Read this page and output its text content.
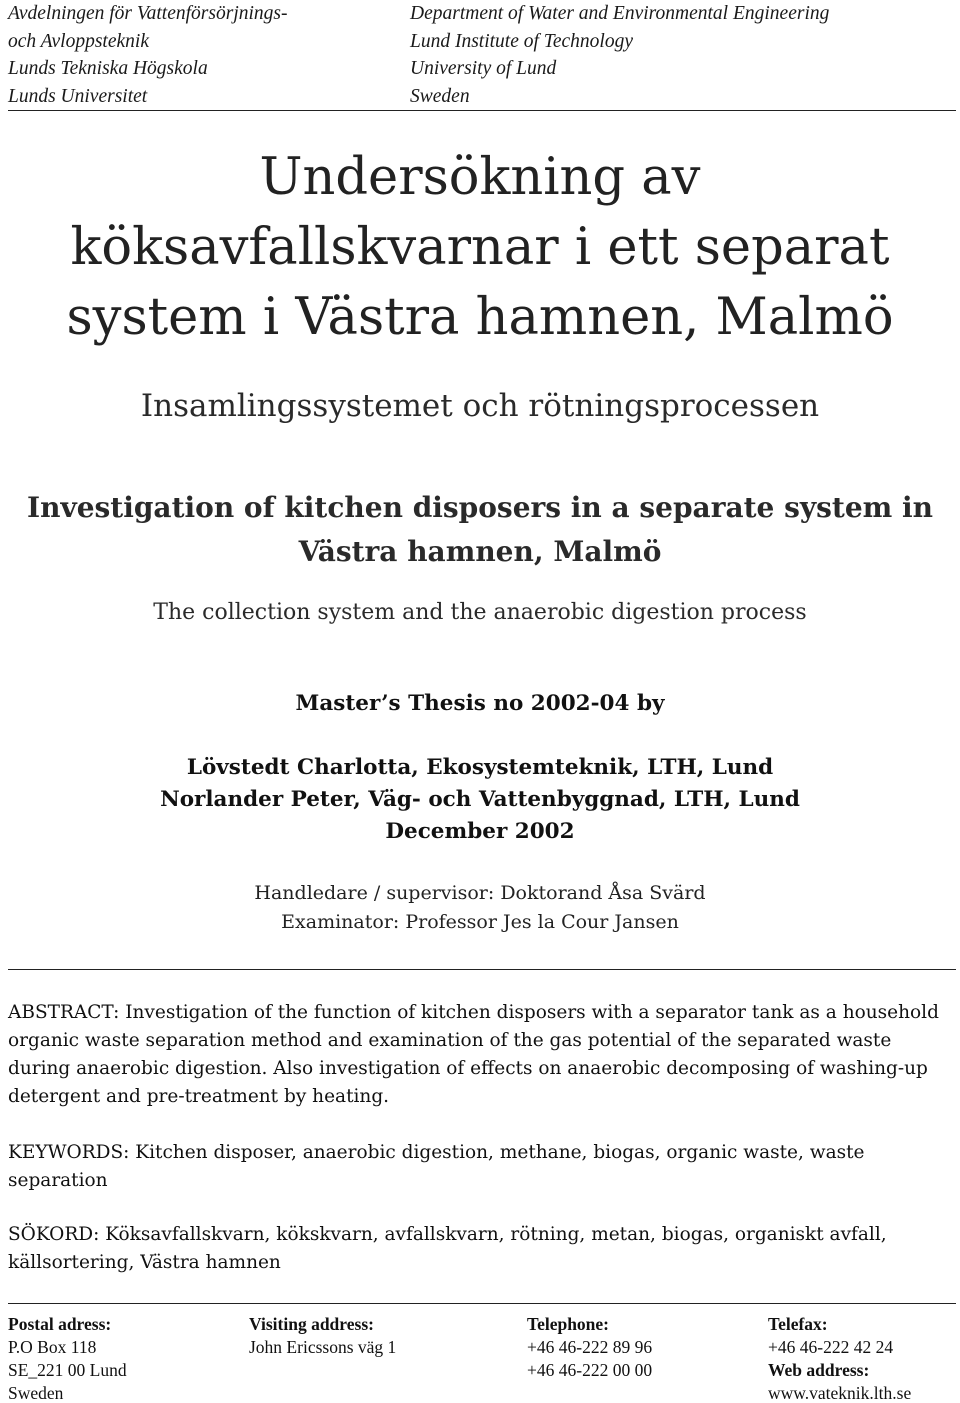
Avdelningen för Vattenförsörjnings-
och Avloppsteknik
Lunds Tekniska Högskola
Lunds Universitet
Department of Water and Environmental Engineering
Lund Institute of Technology
University of Lund
Sweden
Undersökning av
köksavfallskvarnar i ett separat
system i Västra hamnen, Malmö
Insamlingssystemet och rötningsprocessen
Investigation of kitchen disposers in a separate system in
Västra hamnen, Malmö
The collection system and the anaerobic digestion process
Master’s Thesis no 2002-04 by
Lövstedt Charlotta, Ekosystemteknik, LTH, Lund
Norlander Peter, Väg- och Vattenbyggnad, LTH, Lund
December 2002
Handledare / supervisor: Doktorand Åsa Svärd
Examinator: Professor Jes la Cour Jansen
ABSTRACT: Investigation of the function of kitchen disposers with a separator tank as a household organic waste separation method and examination of the gas potential of the separated waste during anaerobic digestion. Also investigation of effects on anaerobic decomposing of washing-up detergent and pre-treatment by heating.
KEYWORDS: Kitchen disposer, anaerobic digestion, methane, biogas, organic waste, waste separation
SÖKORD: Köksavfallskvarn, kökskvarn, avfallskvarn, rötning, metan, biogas, organiskt avfall, källsortering, Västra hamnen
Postal adress:
P.O Box 118
SE_221 00 Lund
Sweden
Visiting address:
John Ericssons väg 1
Telephone:
+46 46-222 89 96
+46 46-222 00 00
Telefax:
+46 46-222 42 24
Web address:
www.vateknik.lth.se
